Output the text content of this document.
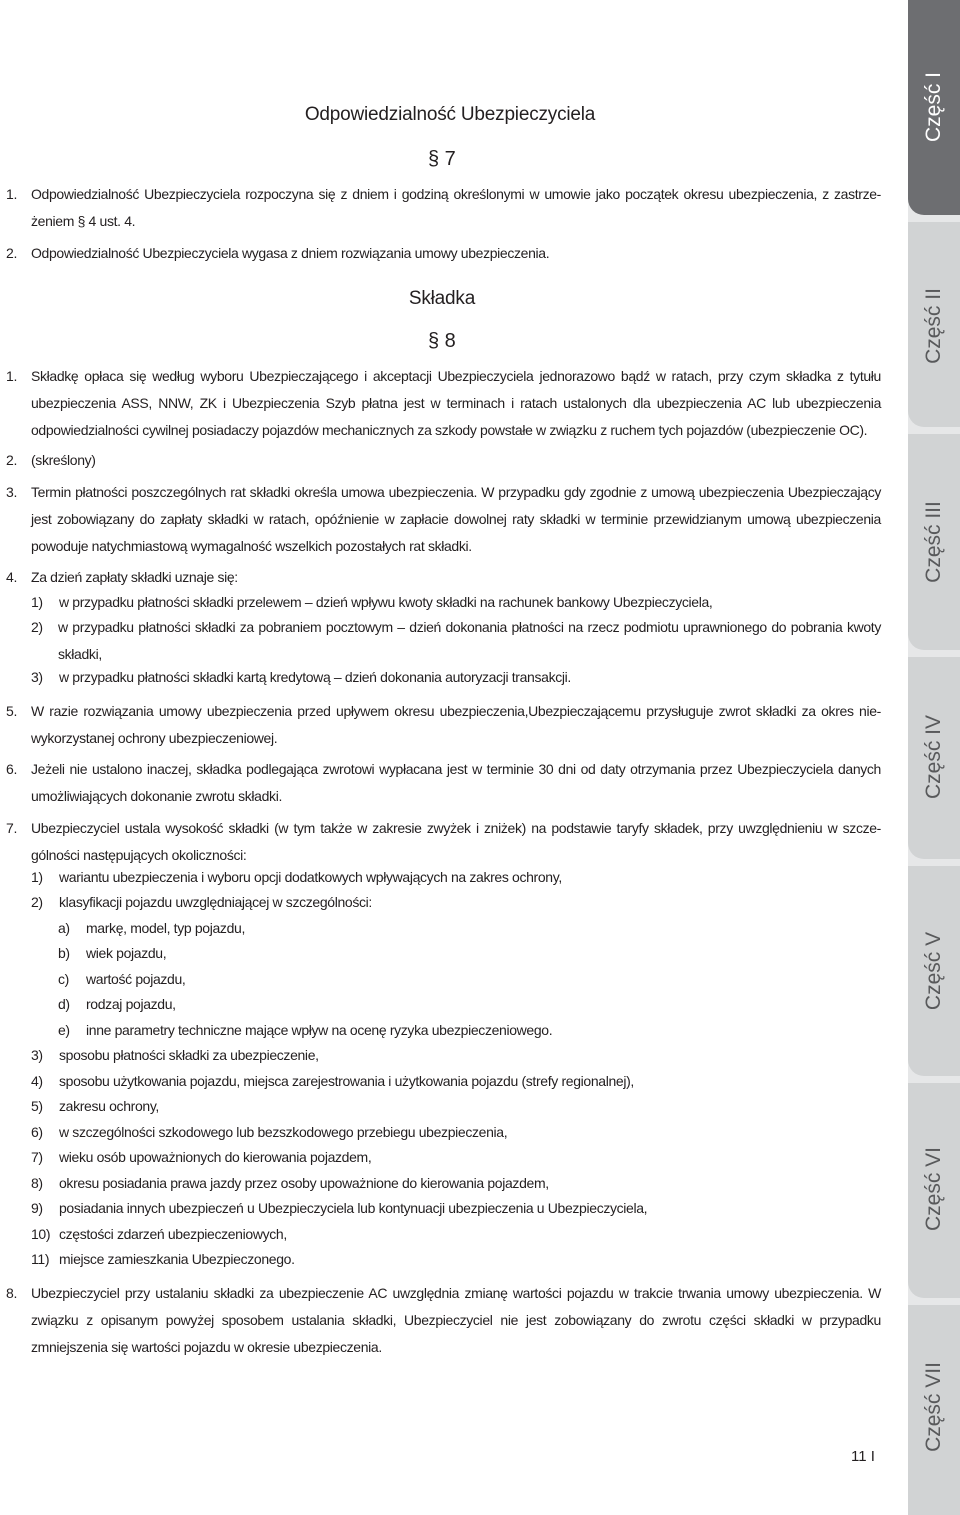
Odpowiedzialność Ubezpieczyciela
§ 7
1. Odpowiedzialność Ubezpieczyciela rozpoczyna się z dniem i godziną określonymi w umowie jako początek okresu ubezpieczenia, z zastrze-żeniem § 4 ust. 4.
2. Odpowiedzialność Ubezpieczyciela wygasa z dniem rozwiązania umowy ubezpieczenia.
Składka
§ 8
1. Składkę opłaca się według wyboru Ubezpieczającego i akceptacji Ubezpieczyciela jednorazowo bądź w ratach, przy czym składka z tytułu ubezpieczenia ASS, NNW, ZK i Ubezpieczenia Szyb płatna jest w terminach i ratach ustalonych dla ubezpieczenia AC lub ubezpieczenia odpowiedzialności cywilnej posiadaczy pojazdów mechanicznych za szkody powstałe w związku z ruchem tych pojazdów (ubezpieczenie OC).
2. (skreślony)
3. Termin płatności poszczególnych rat składki określa umowa ubezpieczenia. W przypadku gdy zgodnie z umową ubezpieczenia Ubezpieczający jest zobowiązany do zapłaty składki w ratach, opóźnienie w zapłacie dowolnej raty składki w terminie przewidzianym umową ubezpieczenia powoduje natychmiastową wymagalność wszelkich pozostałych rat składki.
4. Za dzień zapłaty składki uznaje się:
1) w przypadku płatności składki przelewem – dzień wpływu kwoty składki na rachunek bankowy Ubezpieczyciela,
2)	w przypadku płatności składki za pobraniem pocztowym – dzień dokonania płatności na rzecz podmiotu uprawnionego do pobrania kwoty składki,
3) w przypadku płatności składki kartą kredytową – dzień dokonania autoryzacji transakcji.
5. W razie rozwiązania umowy ubezpieczenia przed upływem okresu ubezpieczenia,Ubezpieczającemu przysługuje zwrot składki za okres nie-wykorzystanej ochrony ubezpieczeniowej.
6. Jeżeli nie ustalono inaczej, składka podlegająca zwrotowi wypłacana jest w terminie 30 dni od daty otrzymania przez Ubezpieczyciela danych umożliwiających dokonanie zwrotu składki.
7. Ubezpieczyciel ustala wysokość składki (w tym także w zakresie zwyżek i zniżek) na podstawie taryfy składek, przy uwzględnieniu w szcze-gólności następujących okoliczności:
1) wariantu ubezpieczenia i wyboru opcji dodatkowych wpływających na zakres ochrony,
2) klasyfikacji pojazdu uwzględniającej w szczególności:
a) markę, model, typ pojazdu,
b) wiek pojazdu,
c) wartość pojazdu,
d) rodzaj pojazdu,
e) inne parametry techniczne mające wpływ na ocenę ryzyka ubezpieczeniowego.
3) sposobu płatności składki za ubezpieczenie,
4) sposobu użytkowania pojazdu, miejsca zarejestrowania i użytkowania pojazdu (strefy regionalnej),
5) zakresu ochrony,
6) w szczególności szkodowego lub bezszkodowego przebiegu ubezpieczenia,
7) wieku osób upoważnionych do kierowania pojazdem,
8) okresu posiadania prawa jazdy przez osoby upoważnione do kierowania pojazdem,
9) posiadania innych ubezpieczeń u Ubezpieczyciela lub kontynuacji ubezpieczenia u Ubezpieczyciela,
10) częstości zdarzeń ubezpieczeniowych,
11) miejsce zamieszkania Ubezpieczonego.
8. Ubezpieczyciel przy ustalaniu składki za ubezpieczenie AC uwzględnia zmianę wartości pojazdu w trakcie trwania umowy ubezpieczenia. W związku z opisanym powyżej sposobem ustalania składki, Ubezpieczyciel nie jest zobowiązany do zwrotu części składki w przypadku zmniejszenia się wartości pojazdu w okresie ubezpieczenia.
11 I
Część I
Część II
Część III
Część IV
Część V
Część VI
Część VII
